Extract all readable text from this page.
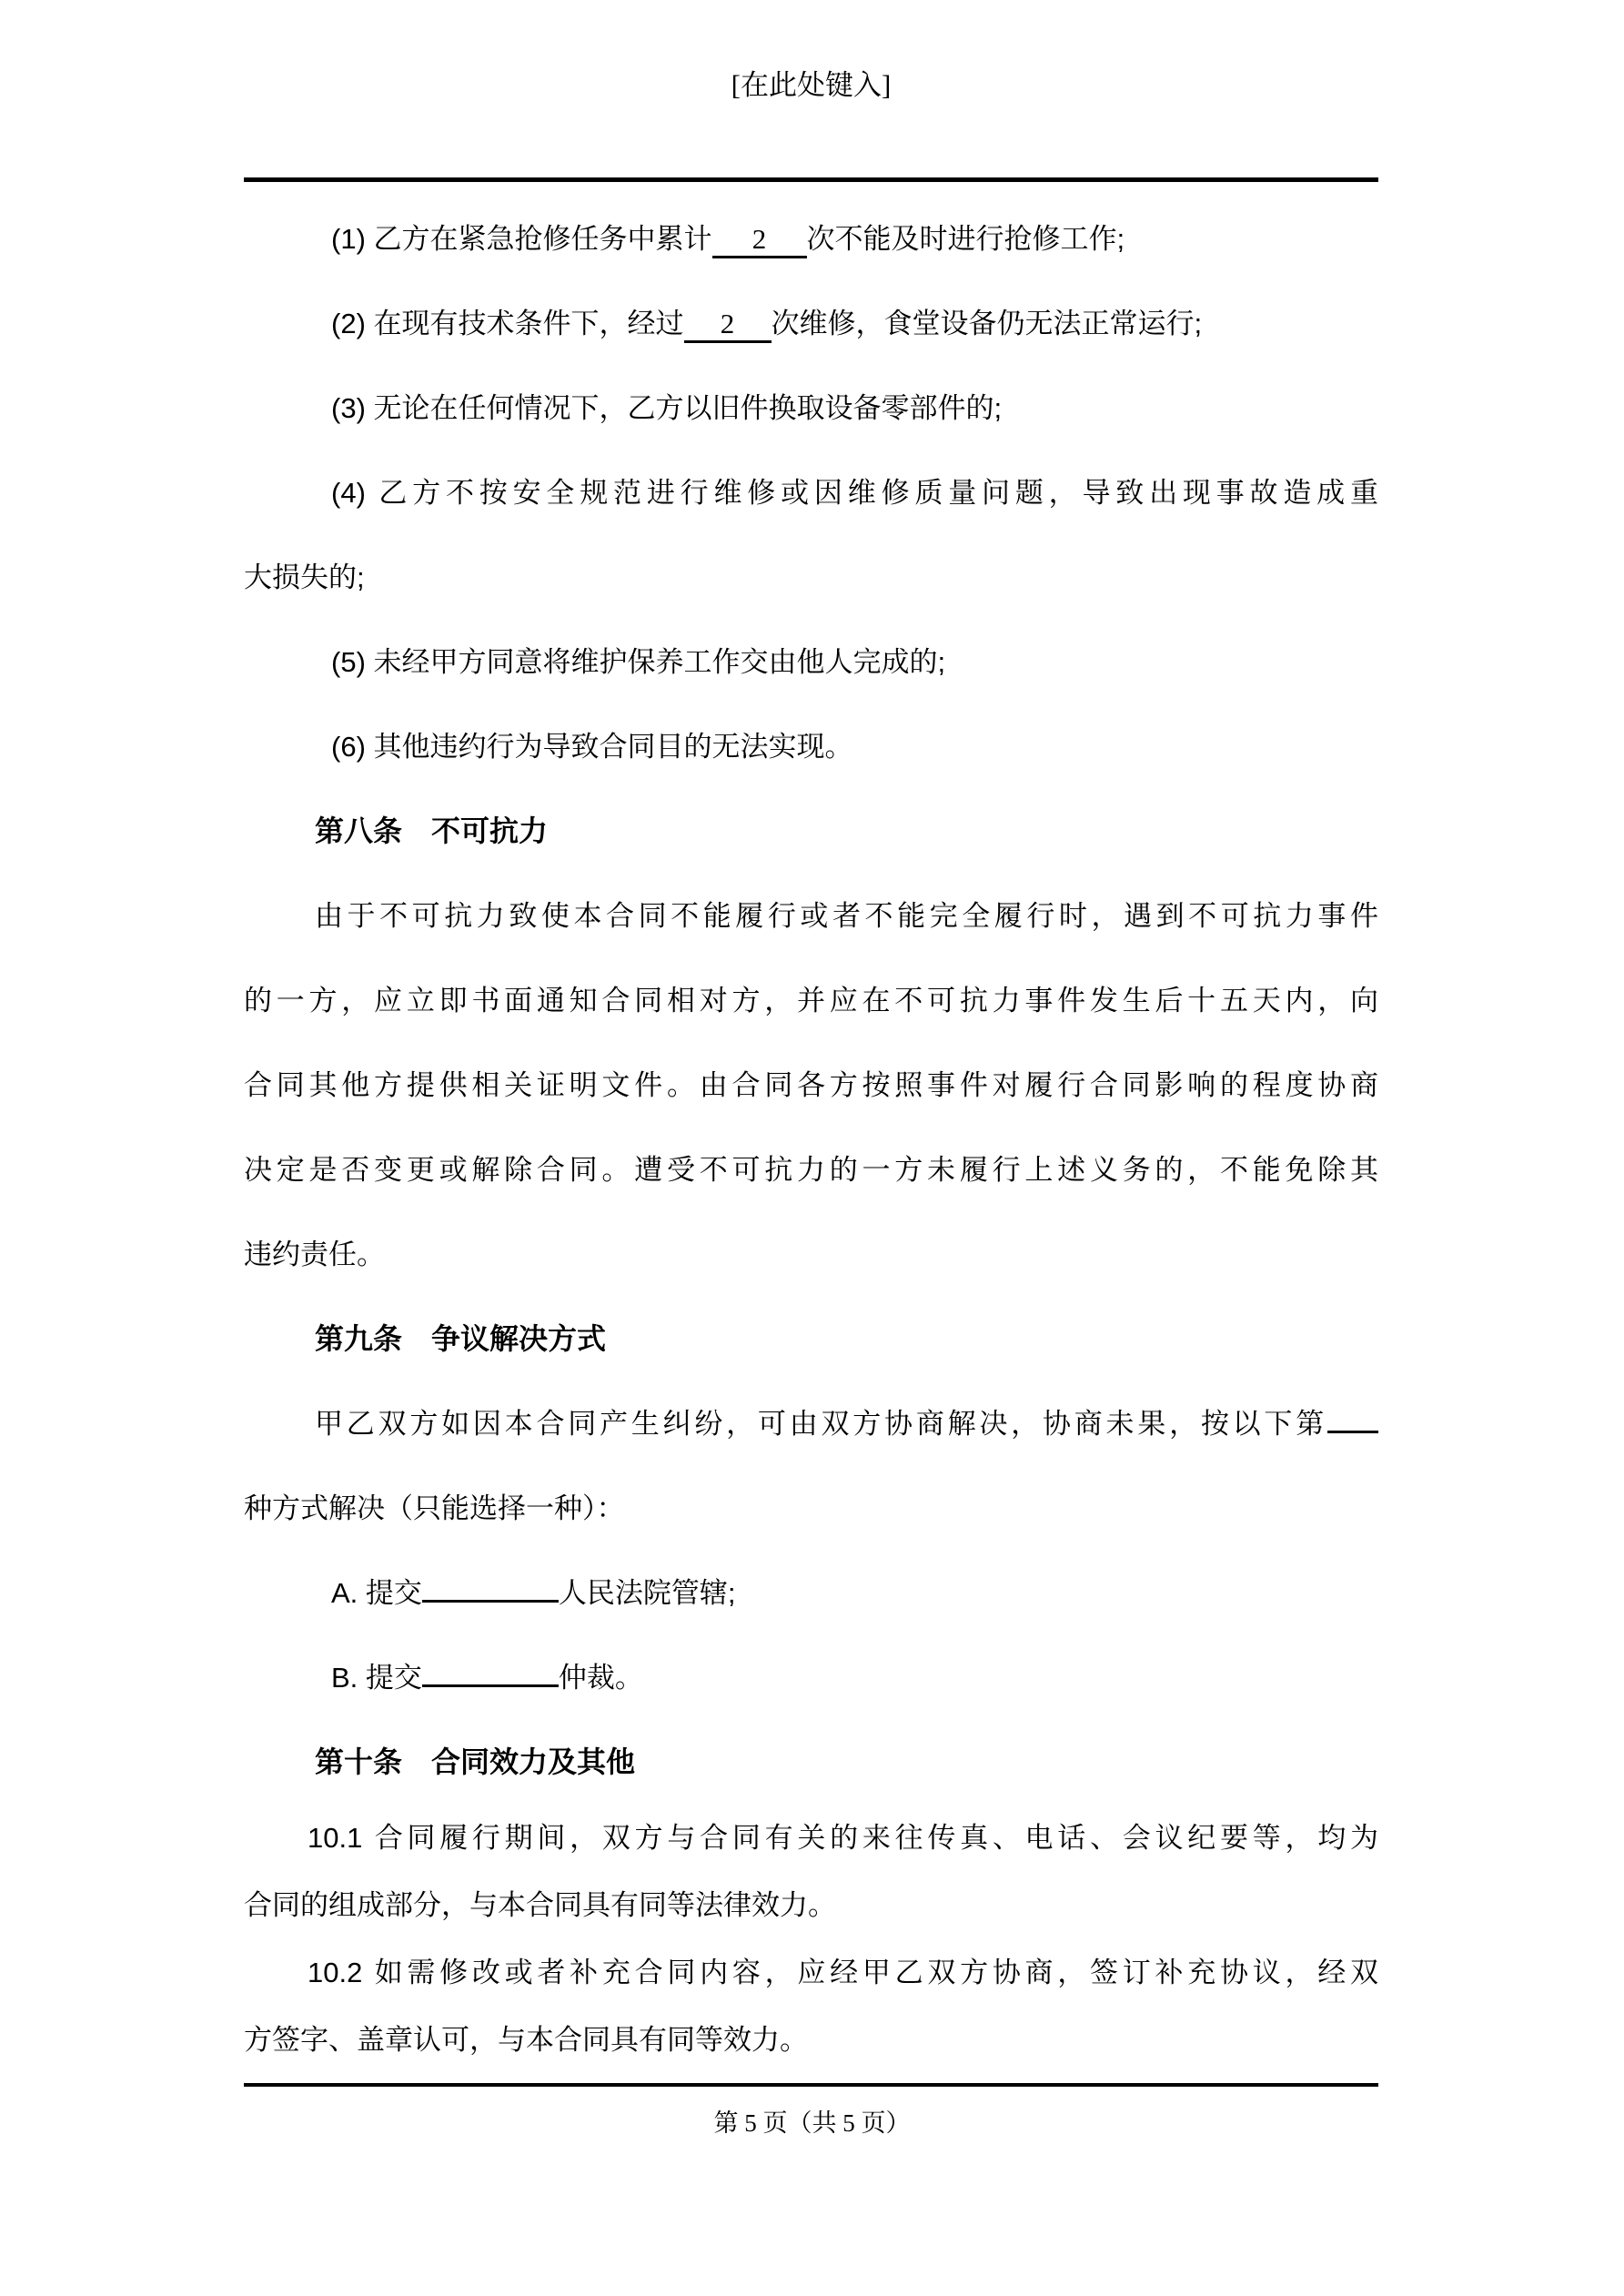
[在此处键入]
(1) 乙方在紧急抢修任务中累计 2 次不能及时进行抢修工作;
(2) 在现有技术条件下，经过 2 次维修，食堂设备仍无法正常运行;
(3) 无论在任何情况下，乙方以旧件换取设备零部件的;
(4) 乙方不按安全规范进行维修或因维修质量问题，导致出现事故造成重
大损失的;
(5) 未经甲方同意将维护保养工作交由他人完成的;
(6) 其他违约行为导致合同目的无法实现。
第八条　不可抗力
由于不可抗力致使本合同不能履行或者不能完全履行时，遇到不可抗力事件
的一方，应立即书面通知合同相对方，并应在不可抗力事件发生后十五天内，向
合同其他方提供相关证明文件。由合同各方按照事件对履行合同影响的程度协商
决定是否变更或解除合同。遭受不可抗力的一方未履行上述义务的，不能免除其
违约责任。
第九条　争议解决方式
甲乙双方如因本合同产生纠纷，可由双方协商解决，协商未果，按以下第
种方式解决（只能选择一种）：
A. 提交	人民法院管辖;
B. 提交	仲裁。
第十条　合同效力及其他
10.1 合同履行期间，双方与合同有关的来往传真、电话、会议纪要等，均为
合同的组成部分，与本合同具有同等法律效力。
10.2 如需修改或者补充合同内容，应经甲乙双方协商，签订补充协议，经双
方签字、盖章认可，与本合同具有同等效力。
第 5 页（共 5 页）
